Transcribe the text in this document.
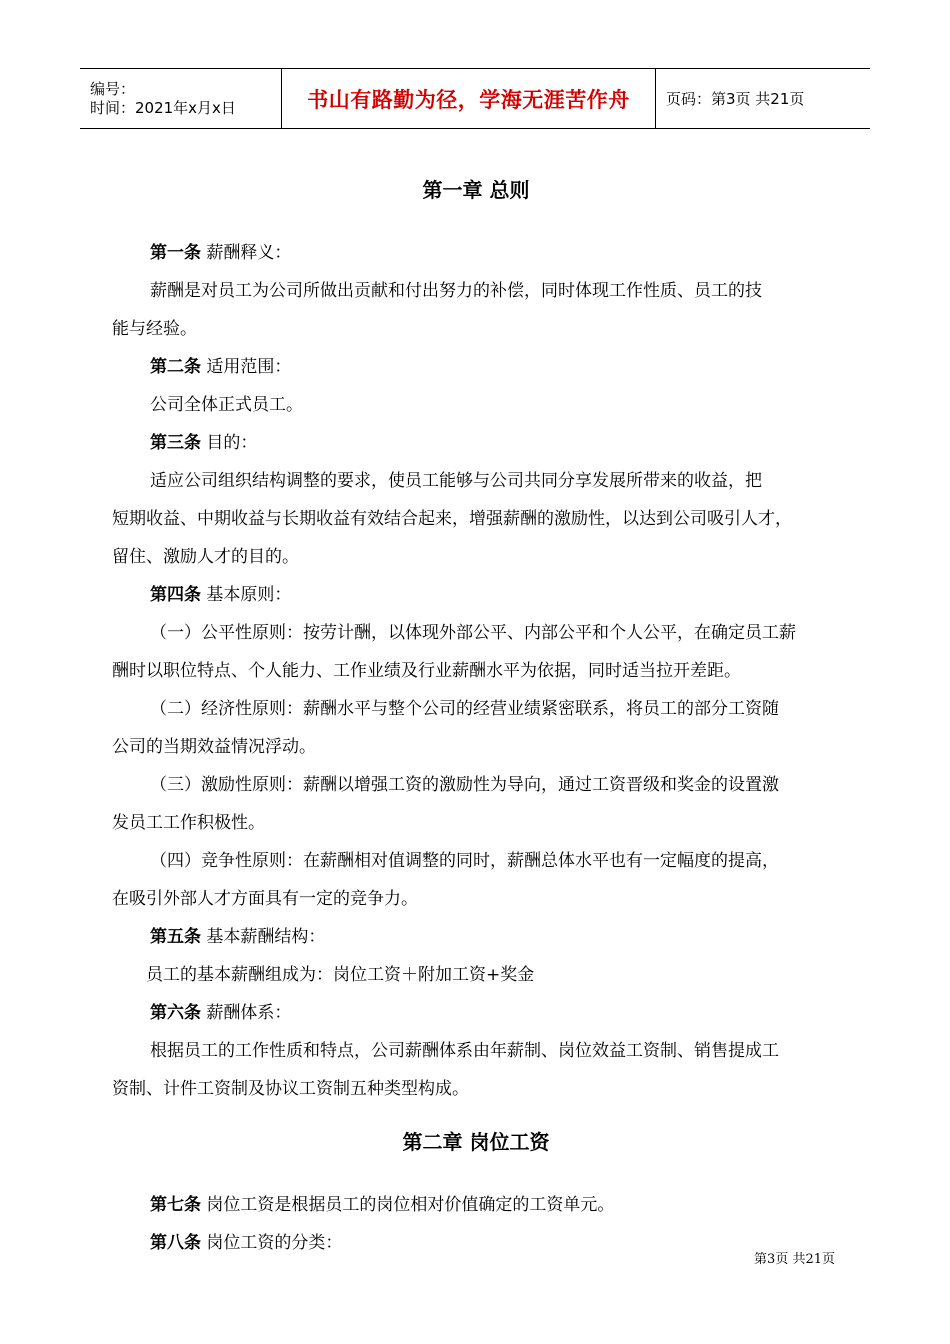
编号：
时间：2021年x月x日	书山有路勤为径，学海无涯苦作舟 页码：第3页 共21页
第一章 总则
第一条 薪酬释义：
薪酬是对员工为公司所做出贡献和付出努力的补偿，同时体现工作性质、员工的技
能与经验。
第二条 适用范围：
公司全体正式员工。
第三条 目的：
适应公司组织结构调整的要求，使员工能够与公司共同分享发展所带来的收益，把
短期收益、中期收益与长期收益有效结合起来，增强薪酬的激励性，以达到公司吸引人才，
留住、激励人才的目的。
第四条 基本原则：
（一）公平性原则：按劳计酬，以体现外部公平、内部公平和个人公平，在确定员工薪
酬时以职位特点、个人能力、工作业绩及行业薪酬水平为依据，同时适当拉开差距。
（二）经济性原则：薪酬水平与整个公司的经营业绩紧密联系，将员工的部分工资随
公司的当期效益情况浮动。
（三）激励性原则：薪酬以增强工资的激励性为导向，通过工资晋级和奖金的设置激
发员工工作积极性。
（四）竞争性原则：在薪酬相对值调整的同时，薪酬总体水平也有一定幅度的提高，
在吸引外部人才方面具有一定的竞争力。
第五条 基本薪酬结构：
员工的基本薪酬组成为：岗位工资＋附加工资+奖金
第六条 薪酬体系：
根据员工的工作性质和特点，公司薪酬体系由年薪制、岗位效益工资制、销售提成工
资制、计件工资制及协议工资制五种类型构成。
第二章 岗位工资
第七条 岗位工资是根据员工的岗位相对价值确定的工资单元。
第八条 岗位工资的分类：
第3页 共21页
